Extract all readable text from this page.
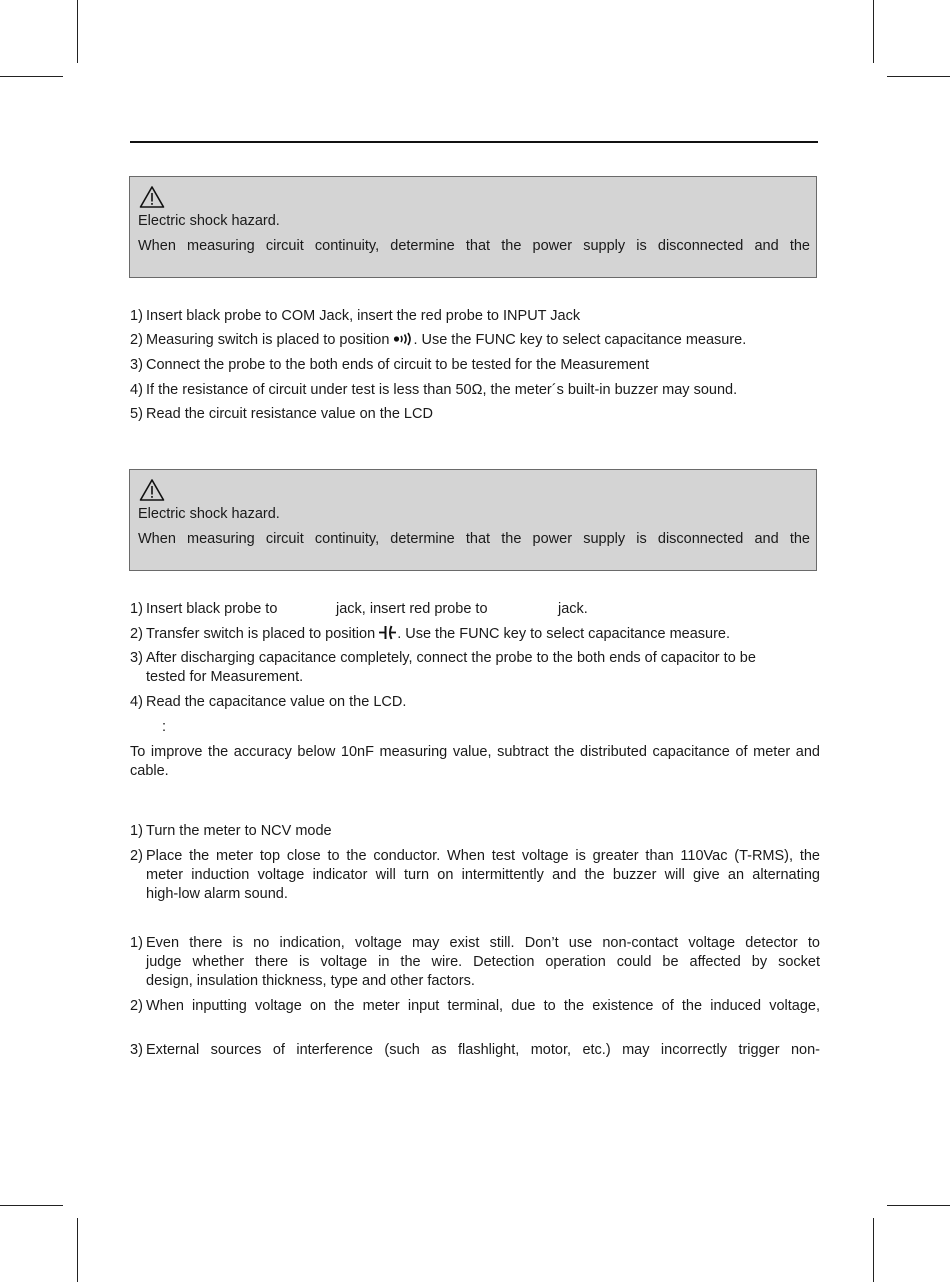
Electric shock hazard.
When measuring circuit continuity, determine that the power supply is disconnected and the
1) Insert black probe to COM Jack, insert the red probe to INPUT Jack
2) Measuring switch is placed to position . Use the FUNC key to select capacitance measure.
3) Connect the probe to the both ends of circuit to be tested for the Measurement
4) If the resistance of circuit under test is less than 50Ω, the meter´s built-in buzzer may sound.
5) Read the circuit resistance value on the LCD
Electric shock hazard.
When measuring circuit continuity, determine that the power supply is disconnected and the
1) Insert black probe to	jack, insert red probe to	jack.
2) Transfer switch is placed to position . Use the FUNC key to select capacitance measure.
3) After discharging capacitance completely, connect the probe to the both ends of capacitor to be
tested for Measurement.
4) Read the capacitance value on the LCD.
:
To improve the accuracy below 10nF measuring value, subtract the distributed capacitance of meter and cable.
1) Turn the meter to NCV mode
2) Place the meter top close to the conductor. When test voltage is greater than 110Vac (T-RMS), the
meter induction voltage indicator will turn on intermittently and the buzzer will give an alternating
high-low alarm sound.
1) Even there is no indication, voltage may exist still. Don’t use non-contact voltage detector to
judge whether there is voltage in the wire. Detection operation could be affected by socket
design, insulation thickness, type and other factors.
2) When inputting voltage on the meter input terminal, due to the existence of the induced voltage,
3) External sources of interference (such as flashlight, motor, etc.) may incorrectly trigger non-
